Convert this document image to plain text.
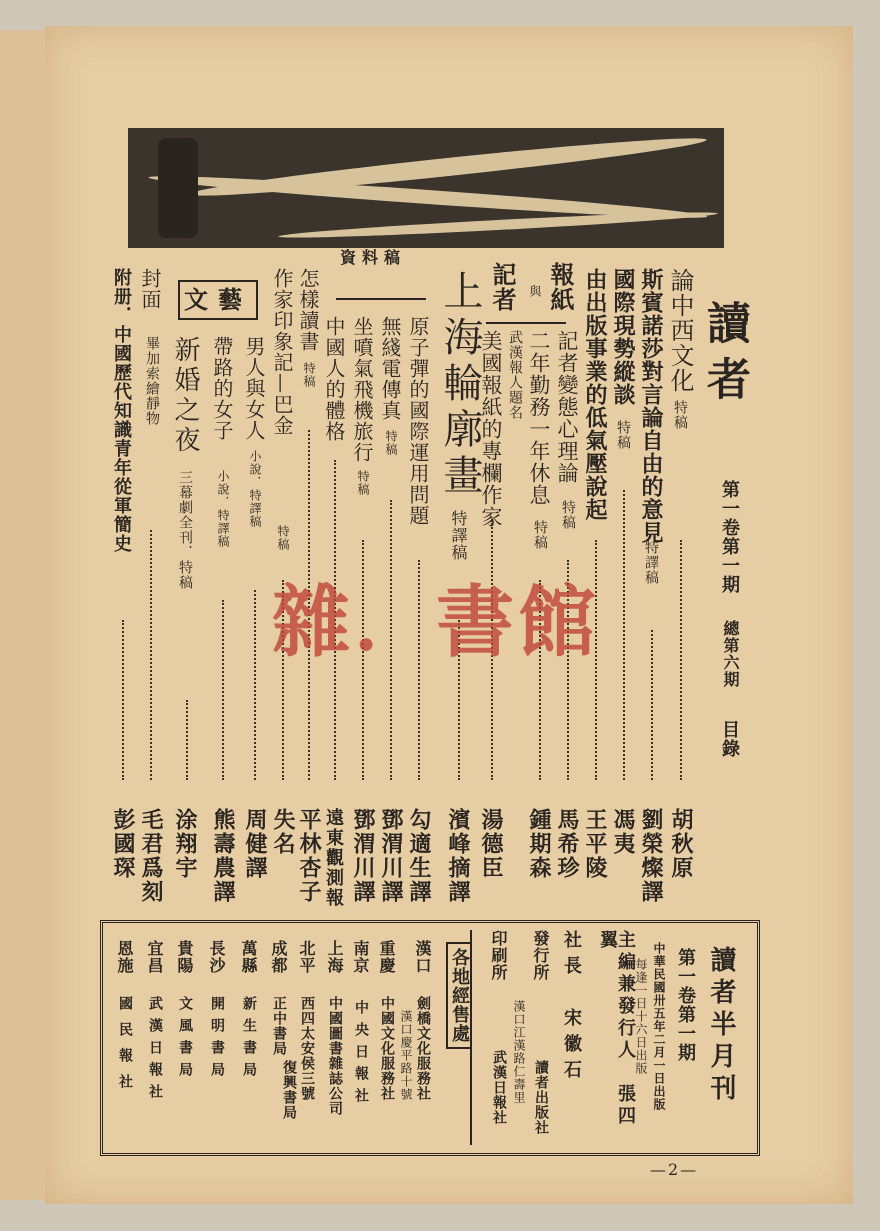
讀者
第一卷第一期
總第六期
目錄
論中西文化
特稿
胡秋原
斯賓諾莎對言論自由的意見
特譯稿
劉榮燦譯
國際現勢縱談
特稿
馮夷
由出版事業的低氣壓說起
王平陵
報紙
與
記者
記者變態心理論
特稿
馬希珍
二年勤務一年休息
特稿
武漢報人題名
鍾期森
美國報紙的專欄作家
湯德臣
上海輪廓畫
特譯稿
濱峰摘譯
資料稿
原子彈的國際運用問題
勾適生譯
無綫電傳真
特稿
鄧渭川譯
坐噴氣飛機旅行
特稿
鄧渭川譯
中國人的體格
遠東觀測報
怎樣讀書
特稿
平林杏子
作家印象記—巴金
特稿
失名
文藝
男人與女人
小說．特譯稿
周健譯
帶路的女子
小說．特譯稿
熊壽農譯
新婚之夜
三幕劇全刊．特稿
涂翔宇
封面
畢加索繪靜物
毛君爲刻
附册．中國歷代知識青年從軍簡史
彭國琛
雜．書館
讀者半月刊
第一卷第一期
中華民國卅五年二月一日出版
每逢一日十六日出版
主編兼發行人　張四翼
社長　宋徽石
發行所
讀者出版社
漢口江漢路仁壽里
印刷所
武漢日報社
各地經售處
漢口
劍橋文化服務社
漢口慶平路十號
重慶
中國文化服務社
南京
中央日報社
上海
中國圖書雜誌公司
北平
西四太安侯三號
成都
正中書局
復興書局
萬縣
新生書局
長沙
開明書局
貴陽
文風書局
宜昌
武漢日報社
恩施
國民報社
—2—
